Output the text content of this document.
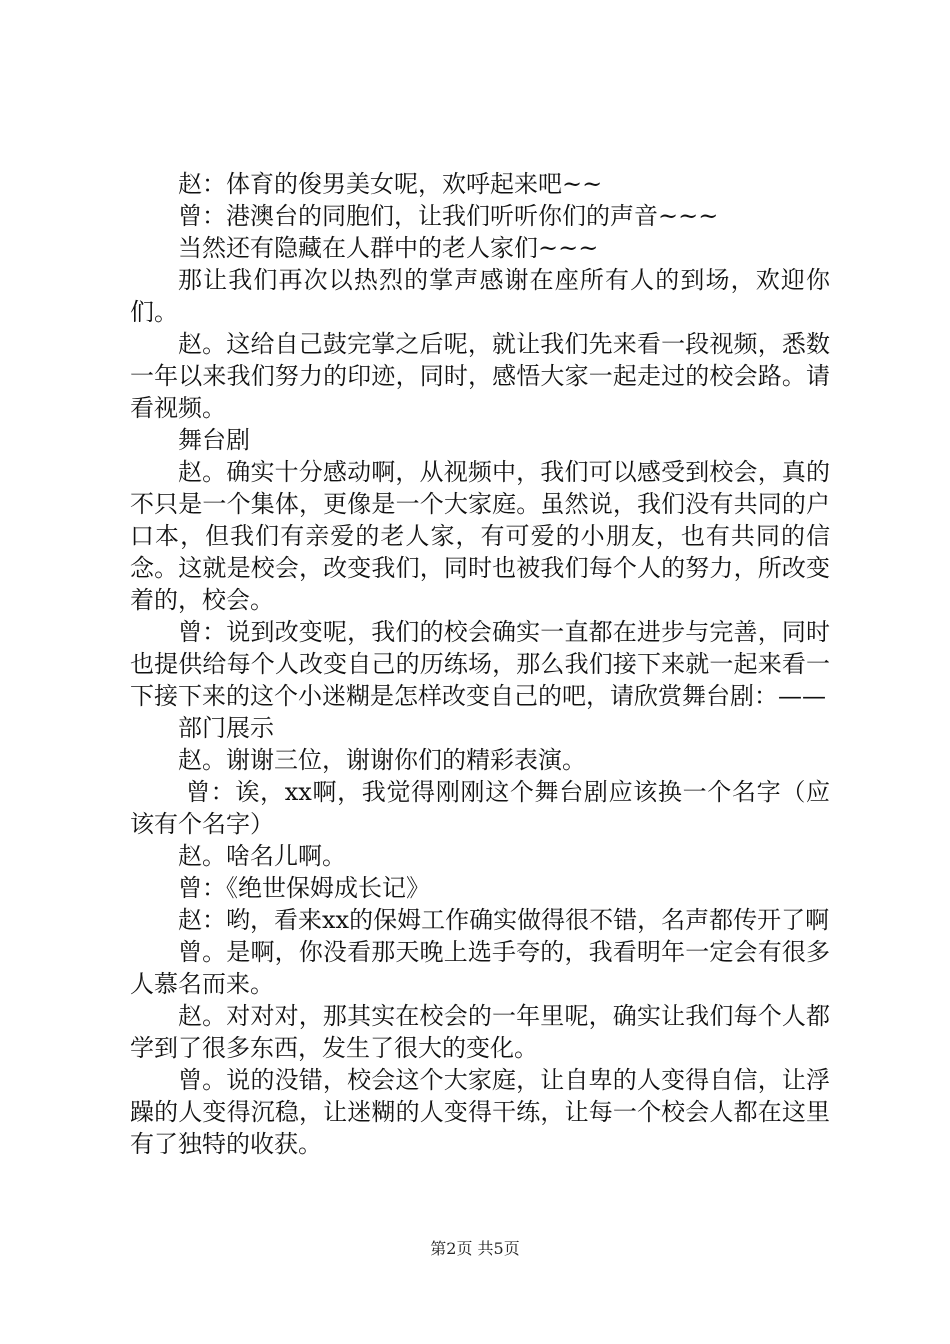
赵：体育的俊男美女呢，欢呼起来吧~~

曾：港澳台的同胞们，让我们听听你们的声音~~~

当然还有隐藏在人群中的老人家们~~~

那让我们再次以热烈的掌声感谢在座所有人的到场，欢迎你们。

赵。这给自己鼓完掌之后呢，就让我们先来看一段视频，悉数一年以来我们努力的印迹，同时，感悟大家一起走过的校会路。请看视频。

舞台剧

赵。确实十分感动啊，从视频中，我们可以感受到校会，真的不只是一个集体，更像是一个大家庭。虽然说，我们没有共同的户口本，但我们有亲爱的老人家，有可爱的小朋友，也有共同的信念。这就是校会，改变我们，同时也被我们每个人的努力，所改变着的，校会。

曾：说到改变呢，我们的校会确实一直都在进步与完善，同时也提供给每个人改变自己的历练场，那么我们接下来就一起来看一下接下来的这个小迷糊是怎样改变自己的吧，请欣赏舞台剧：——

部门展示

赵。谢谢三位，谢谢你们的精彩表演。

曾：诶，xx啊，我觉得刚刚这个舞台剧应该换一个名字（应该有个名字）

赵。啥名儿啊。

曾：《绝世保姆成长记》

赵：哟，看来xx的保姆工作确实做得很不错，名声都传开了啊

曾。是啊，你没看那天晚上选手夸的，我看明年一定会有很多人慕名而来。

赵。对对对，那其实在校会的一年里呢，确实让我们每个人都学到了很多东西，发生了很大的变化。

曾。说的没错，校会这个大家庭，让自卑的人变得自信，让浮躁的人变得沉稳，让迷糊的人变得干练，让每一个校会人都在这里有了独特的收获。

第2页 共5页
